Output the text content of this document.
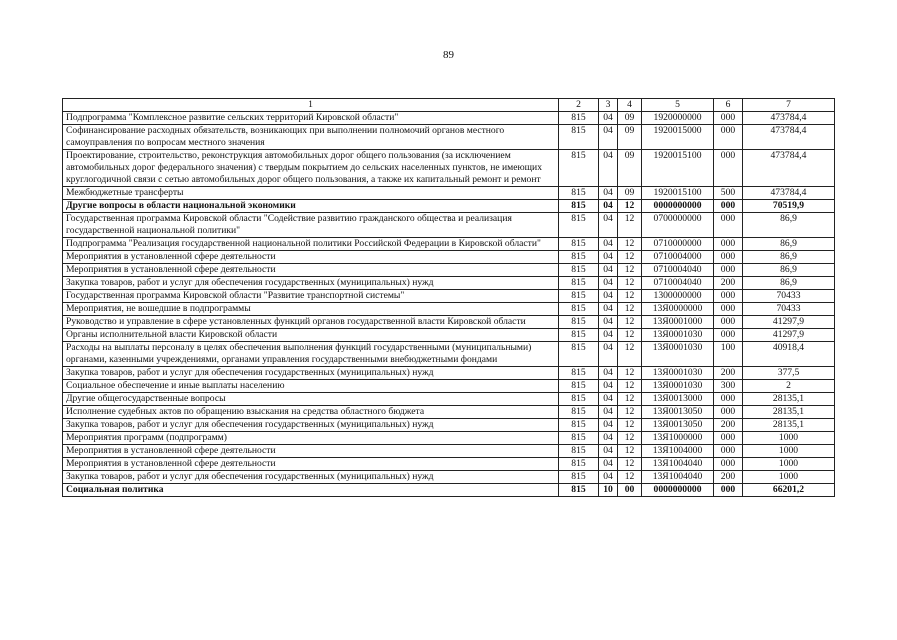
89
1	2	3	4	5	6	7
Подпрограмма "Комплексное развитие сельских территорий Кировской области"	815	04	09	1920000000	000	473784,4
Софинансирование расходных обязательств, возникающих при выполнении полномочий органов местного самоуправления по вопросам местного значения	815	04	09	1920015000	000	473784,4
Проектирование, строительство, реконструкция автомобильных дорог общего пользования (за исключением автомобильных дорог федерального значения) с твердым покрытием до сельских населенных пунктов, не имеющих круглогодичной связи с сетью автомобильных дорог общего пользования, а также их капитальный ремонт и ремонт	815	04	09	1920015100	000	473784,4
Межбюджетные трансферты	815	04	09	1920015100	500	473784,4
Другие вопросы в области национальной экономики	815	04	12	0000000000	000	70519,9
Государственная программа Кировской области "Содействие развитию гражданского общества и реализация государственной национальной политики"	815	04	12	0700000000	000	86,9
Подпрограмма "Реализация государственной национальной политики Российской Федерации в Кировской области"	815	04	12	0710000000	000	86,9
Мероприятия в установленной сфере деятельности	815	04	12	0710004000	000	86,9
Мероприятия в установленной сфере деятельности	815	04	12	0710004040	000	86,9
Закупка товаров, работ и услуг для обеспечения государственных (муниципальных) нужд	815	04	12	0710004040	200	86,9
Государственная программа Кировской области "Развитие транспортной системы"	815	04	12	1300000000	000	70433
Мероприятия, не вошедшие в подпрограммы	815	04	12	13Я0000000	000	70433
Руководство и управление в сфере установленных функций органов государственной власти Кировской области	815	04	12	13Я0001000	000	41297,9
Органы исполнительной власти Кировской области	815	04	12	13Я0001030	000	41297,9
Расходы на выплаты персоналу в целях обеспечения выполнения функций государственными (муниципальными) органами, казенными учреждениями, органами управления государственными внебюджетными фондами	815	04	12	13Я0001030	100	40918,4
Закупка товаров, работ и услуг для обеспечения государственных (муниципальных) нужд	815	04	12	13Я0001030	200	377,5
Социальное обеспечение и иные выплаты населению	815	04	12	13Я0001030	300	2
Другие общегосударственные вопросы	815	04	12	13Я0013000	000	28135,1
Исполнение судебных актов по обращению взыскания на средства областного бюджета	815	04	12	13Я0013050	000	28135,1
Закупка товаров, работ и услуг для обеспечения государственных (муниципальных) нужд	815	04	12	13Я0013050	200	28135,1
Мероприятия программ (подпрограмм)	815	04	12	13Я1000000	000	1000
Мероприятия в установленной сфере деятельности	815	04	12	13Я1004000	000	1000
Мероприятия в установленной сфере деятельности	815	04	12	13Я1004040	000	1000
Закупка товаров, работ и услуг для обеспечения государственных (муниципальных) нужд	815	04	12	13Я1004040	200	1000
Социальная политика	815	10	00	0000000000	000	66201,2
